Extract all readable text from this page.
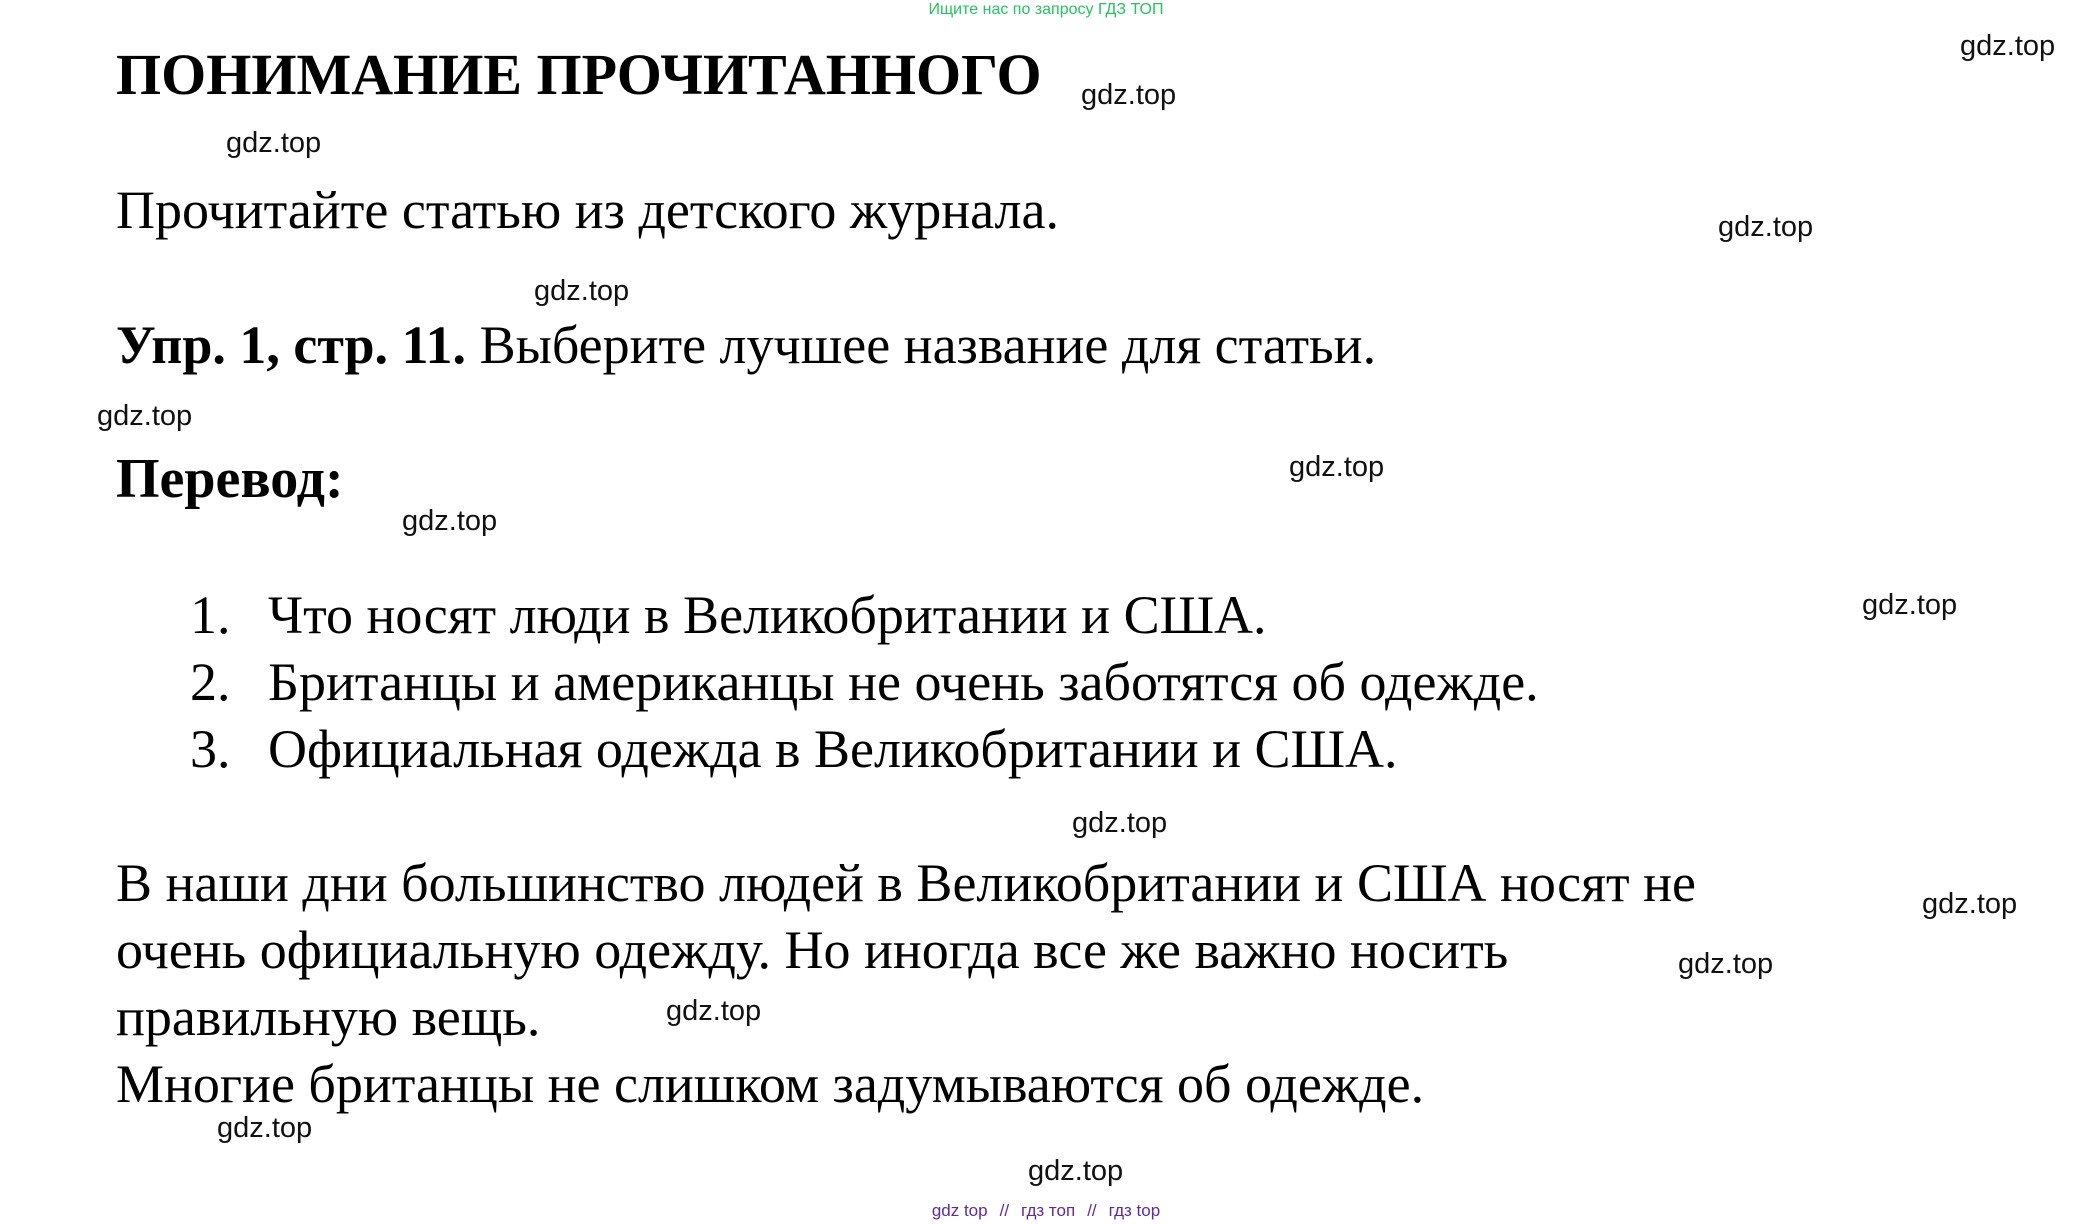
Ищите нас по запросу ГДЗ ТОП
ПОНИМАНИЕ ПРОЧИТАННОГО
Прочитайте статью из детского журнала.
Упр. 1, стр. 11. Выберите лучшее название для статьи.
Перевод:
1. Что носят люди в Великобритании и США.
2. Британцы и американцы не очень заботятся об одежде.
3. Официальная одежда в Великобритании и США.
В наши дни большинство людей в Великобритании и США носят не
очень официальную одежду. Но иногда все же важно носить
правильную вещь.
Многие британцы не слишком задумываются об одежде.
gdz.top
gdz.top
gdz.top
gdz.top
gdz.top
gdz.top
gdz.top
gdz.top
gdz.top
gdz.top
gdz.top
gdz.top
gdz.top
gdz.top
gdz.top
gdz top // гдз топ // гдз top
